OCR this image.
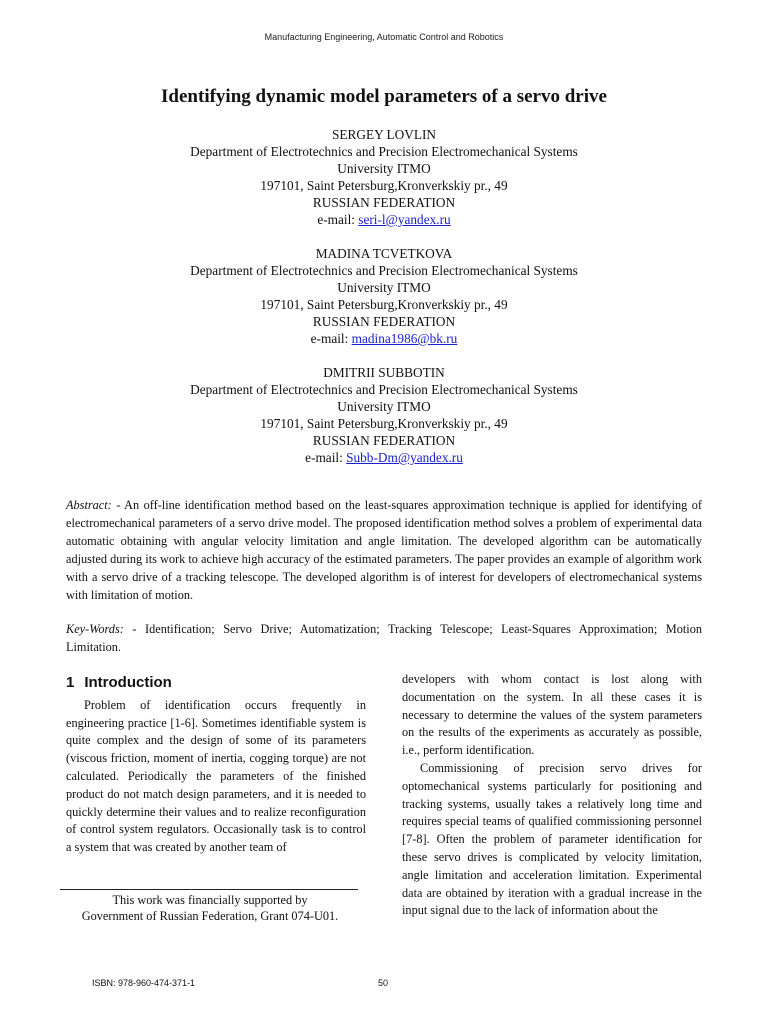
Manufacturing Engineering, Automatic Control and Robotics
Identifying dynamic model parameters of a servo drive
SERGEY LOVLIN
Department of Electrotechnics and Precision Electromechanical Systems
University ITMO
197101, Saint Petersburg,Kronverkskiy pr., 49
RUSSIAN FEDERATION
e-mail: seri-l@yandex.ru
MADINA TCVETKOVA
Department of Electrotechnics and Precision Electromechanical Systems
University ITMO
197101, Saint Petersburg,Kronverkskiy pr., 49
RUSSIAN FEDERATION
e-mail: madina1986@bk.ru
DMITRII SUBBOTIN
Department of Electrotechnics and Precision Electromechanical Systems
University ITMO
197101, Saint Petersburg,Kronverkskiy pr., 49
RUSSIAN FEDERATION
e-mail: Subb-Dm@yandex.ru
Abstract: - An off-line identification method based on the least-squares approximation technique is applied for identifying of electromechanical parameters of a servo drive model. The proposed identification method solves a problem of experimental data automatic obtaining with angular velocity limitation and angle limitation. The developed algorithm can be automatically adjusted during its work to achieve high accuracy of the estimated parameters. The paper provides an example of algorithm work with a servo drive of a tracking telescope. The developed algorithm is of interest for developers of electromechanical systems with limitation of motion.
Key-Words: - Identification; Servo Drive; Automatization; Tracking Telescope; Least-Squares Approximation; Motion Limitation.
1 Introduction

Problem of identification occurs frequently in engineering practice [1-6]. Sometimes identifiable system is quite complex and the design of some of its parameters (viscous friction, moment of inertia, cogging torque) are not calculated. Periodically the parameters of the finished product do not match design parameters, and it is needed to quickly determine their values and to realize reconfiguration of control system regulators. Occasionally task is to control a system that was created by another team of

developers with whom contact is lost along with documentation on the system. In all these cases it is necessary to determine the values of the system parameters on the results of the experiments as accurately as possible, i.e., perform identification.

Commissioning of precision servo drives for optomechanical systems particularly for positioning and tracking systems, usually takes a relatively long time and requires special teams of qualified commissioning personnel [7-8]. Often the problem of parameter identification for these servo drives is complicated by velocity limitation, angle limitation and acceleration limitation. Experimental data are obtained by iteration with a gradual increase in the input signal due to the lack of information about the

This work was financially supported by
Government of Russian Federation, Grant 074-U01.
ISBN: 978-960-474-371-1	50
